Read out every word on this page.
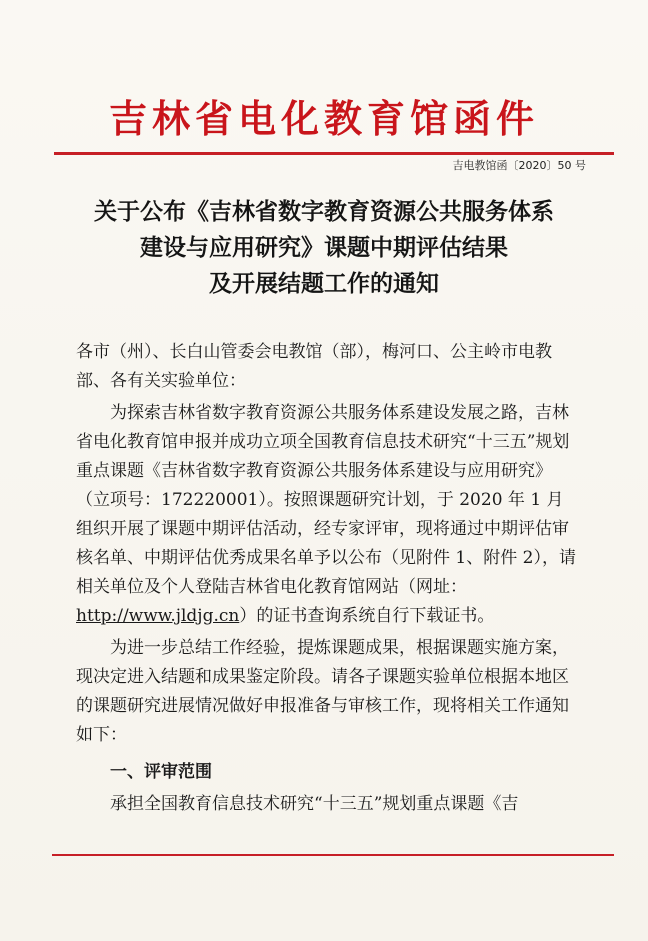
吉林省电化教育馆函件
吉电教馆函〔2020〕50 号
关于公布《吉林省数字教育资源公共服务体系
建设与应用研究》课题中期评估结果
及开展结题工作的通知

各市（州）、长白山管委会电教馆（部），梅河口、公主岭市电教部、各有关实验单位：

为探索吉林省数字教育资源公共服务体系建设发展之路，吉林省电化教育馆申报并成功立项全国教育信息技术研究“十三五”规划重点课题《吉林省数字教育资源公共服务体系建设与应用研究》（立项号：172220001）。按照课题研究计划，于 2020 年 1 月组织开展了课题中期评估活动，经专家评审，现将通过中期评估审核名单、中期评估优秀成果名单予以公布（见附件 1、附件 2），请相关单位及个人登陆吉林省电化教育馆网站（网址：http://www.jldjg.cn）的证书查询系统自行下载证书。

为进一步总结工作经验，提炼课题成果，根据课题实施方案，现决定进入结题和成果鉴定阶段。请各子课题实验单位根据本地区的课题研究进展情况做好申报准备与审核工作，现将相关工作通知如下：

一、评审范围

承担全国教育信息技术研究“十三五”规划重点课题《吉
